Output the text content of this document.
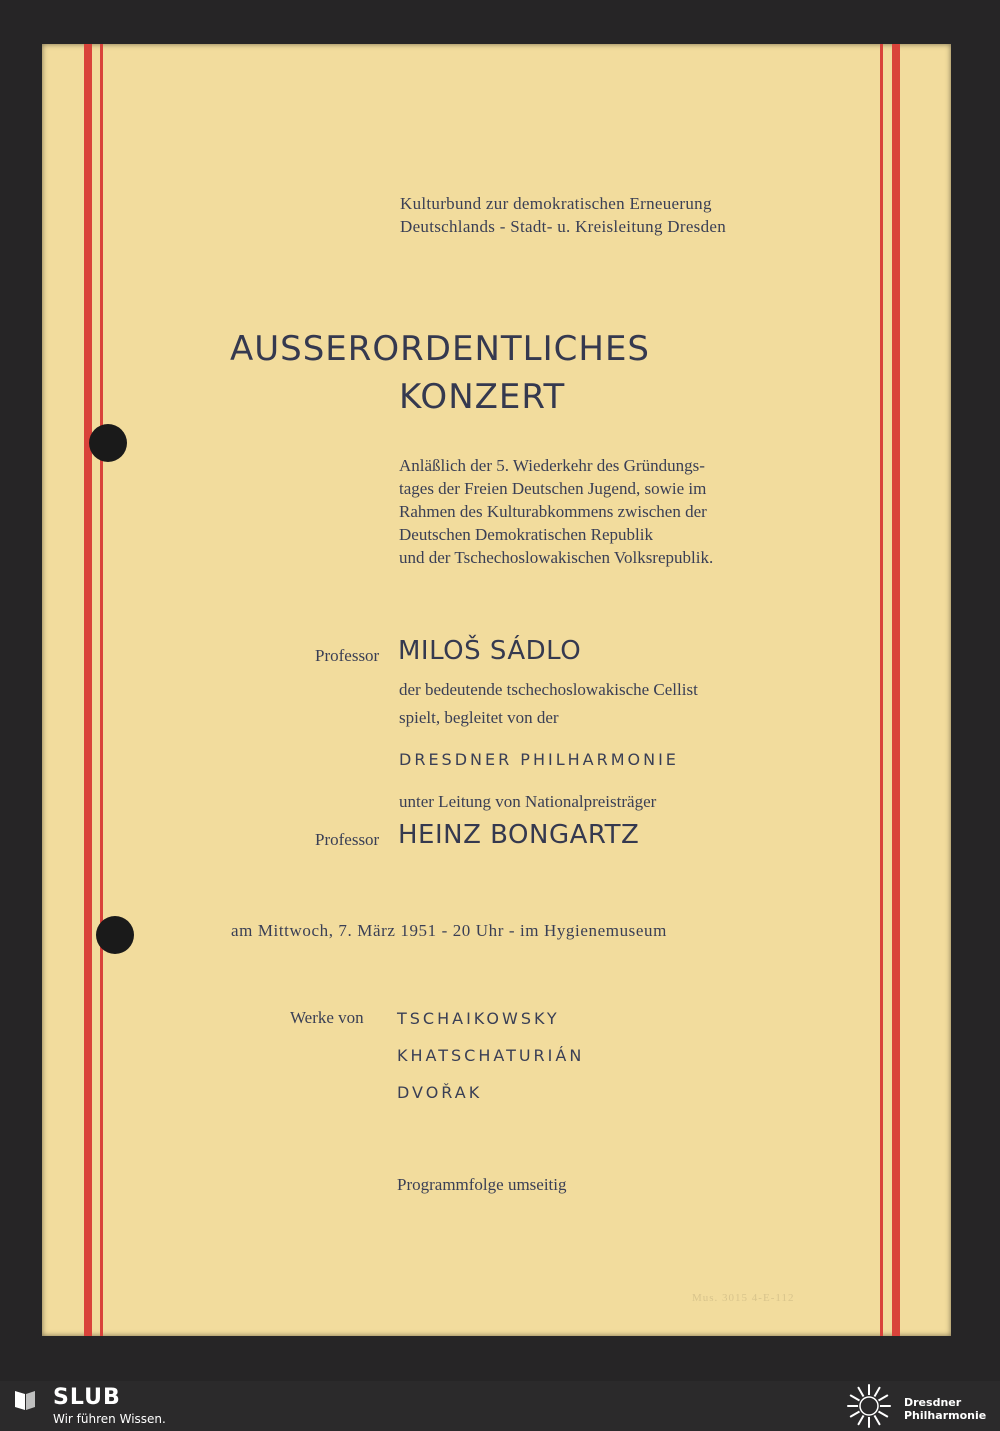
Kulturbund zur demokratischen Erneuerung
Deutschlands - Stadt- u. Kreisleitung Dresden
AUSSERORDENTLICHES
KONZERT
Anläßlich der 5. Wiederkehr des Gründungs-
tages der Freien Deutschen Jugend, sowie im
Rahmen des Kulturabkommens zwischen der
Deutschen Demokratischen Republik
und der Tschechoslowakischen Volksrepublik.
Professor MILOŠ SÁDLO
der bedeutende tschechoslowakische Cellist
spielt, begleitet von der
DRESDNER PHILHARMONIE
unter Leitung von Nationalpreisträger
Professor HEINZ BONGARTZ
am Mittwoch, 7. März 1951 - 20 Uhr - im Hygienemuseum
Werke von TSCHAIKOWSKY
KHATSCHATURIÁN
DVOŘAK
Programmfolge umseitig
Mus. 3015 4-E-112
SLUB
Wir führen Wissen.
Dresdner
Philharmonie
